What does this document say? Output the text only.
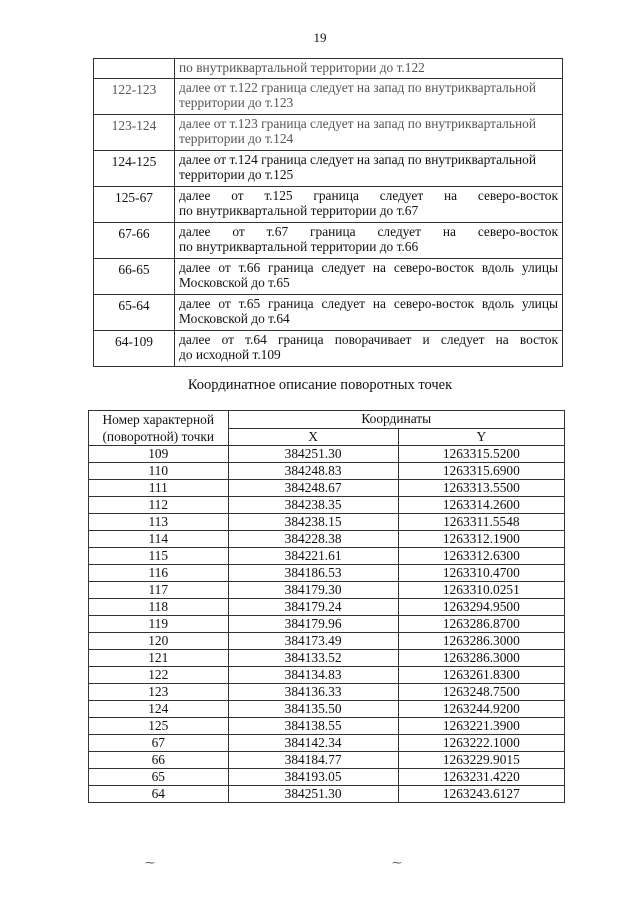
19

	по внутриквартальной территории до т.122

122-123	далее от т.122 граница следует на запад по внутриквартальной
территории до т.123

123-124	далее от т.123 граница следует на запад по внутриквартальной
территории до т.124

124-125	далее от т.124 граница следует на запад по внутриквартальной
территории до т.125

125-67	далее от т.125 граница следует на северо-восток
по внутриквартальной территории до т.67

67-66	далее от т.67 граница следует на северо-восток
по внутриквартальной территории до т.66

66-65	далее от т.66 граница следует на северо-восток вдоль улицы
Московской до т.65

65-64	далее от т.65 граница следует на северо-восток вдоль улицы
Московской до т.64

64-109	далее от т.64 граница поворачивает и следует на восток
до исходной т.109
Координатное описание поворотных точек
Номер характерной
(поворотной) точки	Координаты	
	X	Y
109	384251.30	1263315.5200
110	384248.83	1263315.6900
111	384248.67	1263313.5500
112	384238.35	1263314.2600
113	384238.15	1263311.5548
114	384228.38	1263312.1900
115	384221.61	1263312.6300
116	384186.53	1263310.4700
117	384179.30	1263310.0251
118	384179.24	1263294.9500
119	384179.96	1263286.8700
120	384173.49	1263286.3000
121	384133.52	1263286.3000
122	384134.83	1263261.8300
123	384136.33	1263248.7500
124	384135.50	1263244.9200
125	384138.55	1263221.3900
67	384142.34	1263222.1000
66	384184.77	1263229.9015
65	384193.05	1263231.4220
64	384251.30	1263243.6127
⁓	⁓
